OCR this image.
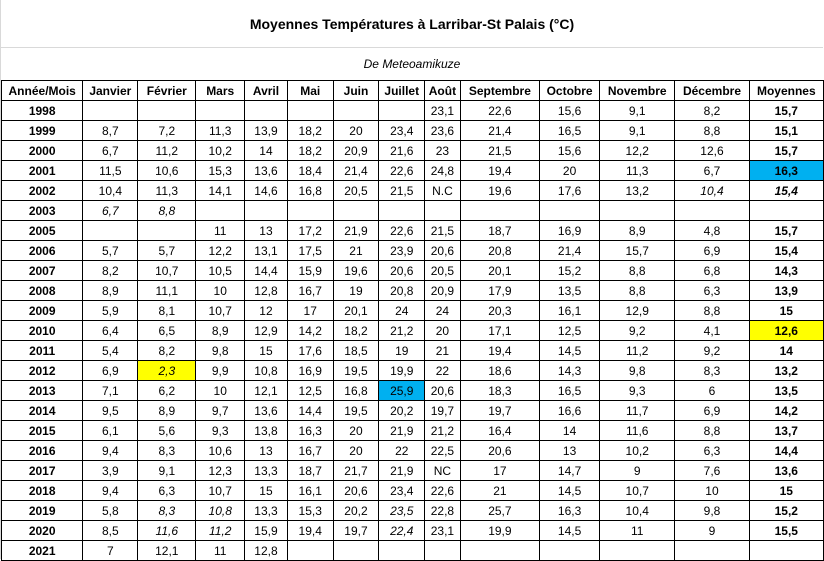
Moyennes Températures à Larribar-St Palais (°C)
De Meteoamikuze
Année/Mois	Janvier	Février	Mars	Avril	Mai	Juin	Juillet	Août	Septembre	Octobre	Novembre	Décembre	Moyennes
1998								23,1	22,6	15,6	9,1	8,2	15,7
1999	8,7	7,2	11,3	13,9	18,2	20	23,4	23,6	21,4	16,5	9,1	8,8	15,1
2000	6,7	11,2	10,2	14	18,2	20,9	21,6	23	21,5	15,6	12,2	12,6	15,7
2001	11,5	10,6	15,3	13,6	18,4	21,4	22,6	24,8	19,4	20	11,3	6,7	16,3
2002	10,4	11,3	14,1	14,6	16,8	20,5	21,5	N.C	19,6	17,6	13,2	10,4	15,4
2003	6,7	8,8											
2005			11	13	17,2	21,9	22,6	21,5	18,7	16,9	8,9	4,8	15,7
2006	5,7	5,7	12,2	13,1	17,5	21	23,9	20,6	20,8	21,4	15,7	6,9	15,4
2007	8,2	10,7	10,5	14,4	15,9	19,6	20,6	20,5	20,1	15,2	8,8	6,8	14,3
2008	8,9	11,1	10	12,8	16,7	19	20,8	20,9	17,9	13,5	8,8	6,3	13,9
2009	5,9	8,1	10,7	12	17	20,1	24	24	20,3	16,1	12,9	8,8	15
2010	6,4	6,5	8,9	12,9	14,2	18,2	21,2	20	17,1	12,5	9,2	4,1	12,6
2011	5,4	8,2	9,8	15	17,6	18,5	19	21	19,4	14,5	11,2	9,2	14
2012	6,9	2,3	9,9	10,8	16,9	19,5	19,9	22	18,6	14,3	9,8	8,3	13,2
2013	7,1	6,2	10	12,1	12,5	16,8	25,9	20,6	18,3	16,5	9,3	6	13,5
2014	9,5	8,9	9,7	13,6	14,4	19,5	20,2	19,7	19,7	16,6	11,7	6,9	14,2
2015	6,1	5,6	9,3	13,8	16,3	20	21,9	21,2	16,4	14	11,6	8,8	13,7
2016	9,4	8,3	10,6	13	16,7	20	22	22,5	20,6	13	10,2	6,3	14,4
2017	3,9	9,1	12,3	13,3	18,7	21,7	21,9	NC	17	14,7	9	7,6	13,6
2018	9,4	6,3	10,7	15	16,1	20,6	23,4	22,6	21	14,5	10,7	10	15
2019	5,8	8,3	10,8	13,3	15,3	20,2	23,5	22,8	25,7	16,3	10,4	9,8	15,2
2020	8,5	11,6	11,2	15,9	19,4	19,7	22,4	23,1	19,9	14,5	11	9	15,5
2021	7	12,1	11	12,8									
